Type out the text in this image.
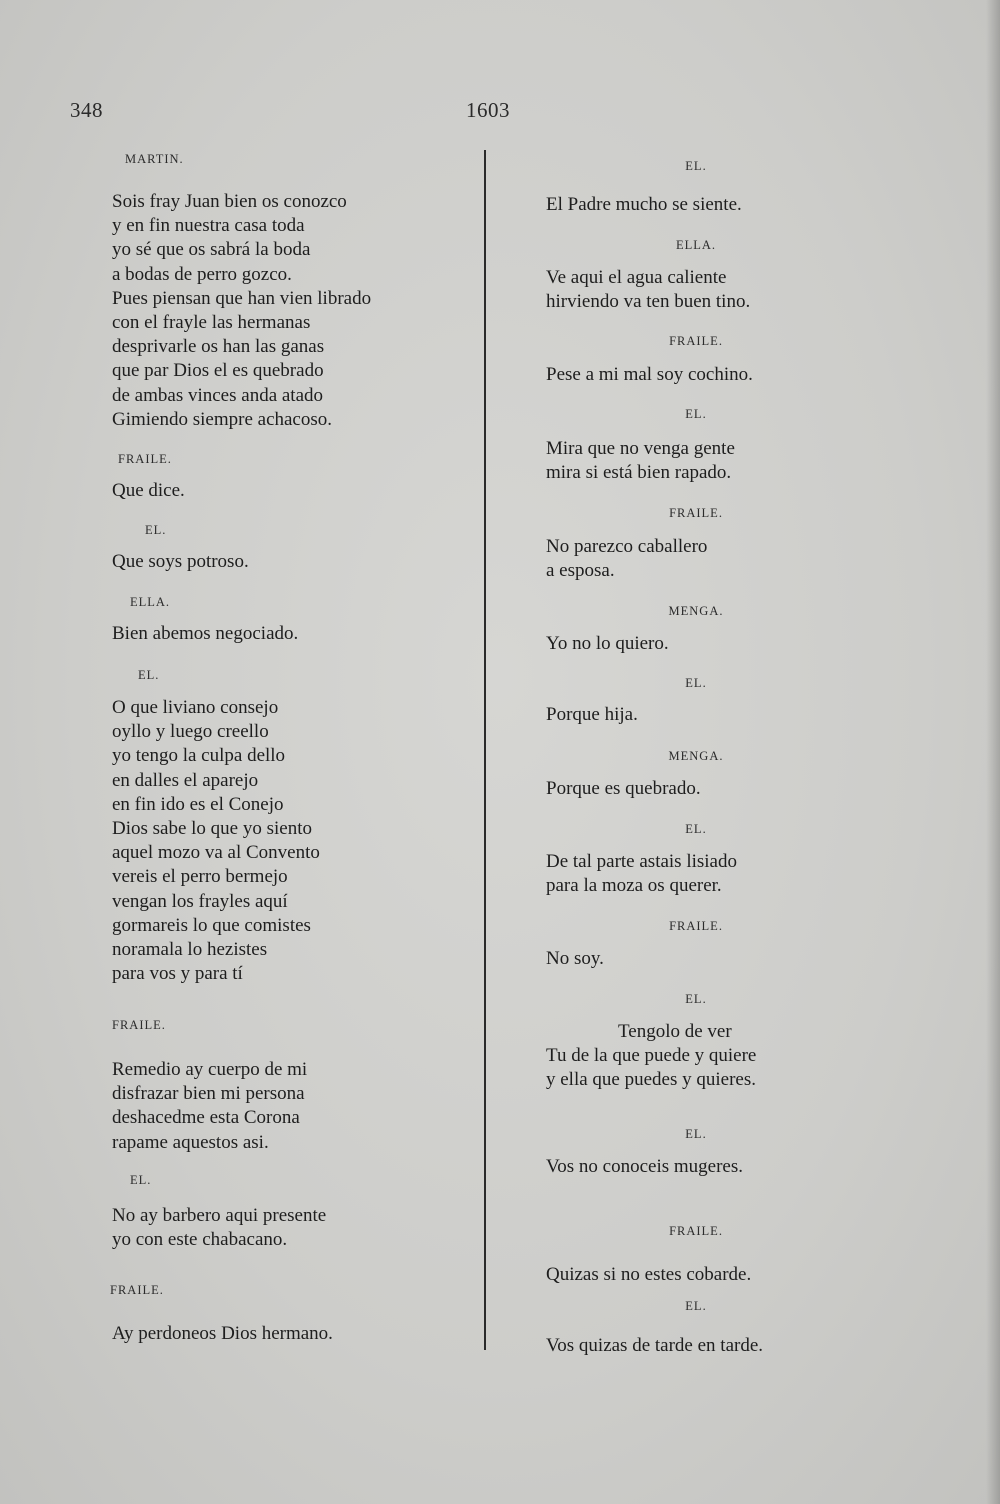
348	1603
MARTIN.
Sois fray Juan bien os conozco
y en fin nuestra casa toda
yo sé que os sabrá la boda
a bodas de perro gozco.
Pues piensan que han vien librado
con el frayle las hermanas
desprivarle os han las ganas
que par Dios el es quebrado
de ambas vinces anda atado
Gimiendo siempre achacoso.
FRAILE.
Que dice.
EL.
Que soys potroso.
ELLA.
Bien abemos negociado.
EL.
O que liviano consejo
oyllo y luego creello
yo tengo la culpa dello
en dalles el aparejo
en fin ido es el Conejo
Dios sabe lo que yo siento
aquel mozo va al Convento
vereis el perro bermejo
vengan los frayles aquí
gormareis lo que comistes
noramala lo hezistes
para vos y para tí
FRAILE.
Remedio ay cuerpo de mi
disfrazar bien mi persona
deshacedme esta Corona
rapame aquestos asi.
EL.
No ay barbero aqui presente
yo con este chabacano.
FRAILE.
Ay perdoneos Dios hermano.
EL.
El Padre mucho se siente.
ELLA.
Ve aqui el agua caliente
hirviendo va ten buen tino.
FRAILE.
Pese a mi mal soy cochino.
EL.
Mira que no venga gente
mira si está bien rapado.
FRAILE.
No parezco caballero
a esposa.
MENGA.
Yo no lo quiero.
EL.
Porque hija.
MENGA.
Porque es quebrado.
EL.
De tal parte astais lisiado
para la moza os querer.
FRAILE.
No soy.
EL.
Tengolo de ver
Tu de la que puede y quiere
y ella que puedes y quieres.
EL.
Vos no conoceis mugeres.
FRAILE.
Quizas si no estes cobarde.
EL.
Vos quizas de tarde en tarde.
